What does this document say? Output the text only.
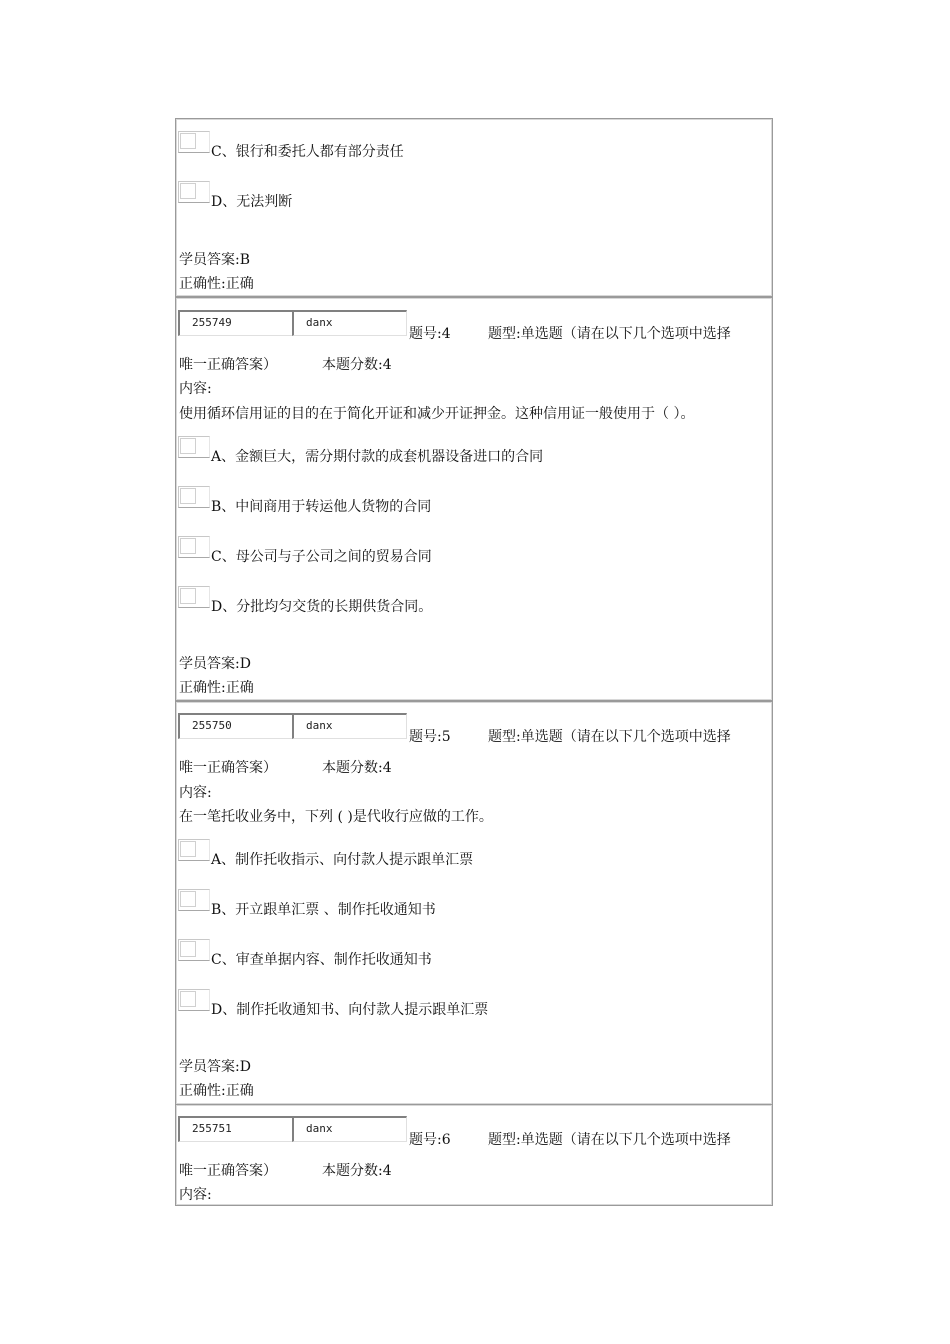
C、银行和委托人都有部分责任
D、无法判断
学员答案:B
正确性:正确
255749	danx
题号:4	题型:单选题（请在以下几个选项中选择
唯一正确答案）	本题分数:4
内容:
使用循环信用证的目的在于简化开证和减少开证押金。这种信用证一般使用于（ ）。
A、金额巨大，需分期付款的成套机器设备进口的合同
B、中间商用于转运他人货物的合同
C、母公司与子公司之间的贸易合同
D、分批均匀交货的长期供货合同。
学员答案:D
正确性:正确
255750	danx
题号:5	题型:单选题（请在以下几个选项中选择
唯一正确答案）	本题分数:4
内容:
在一笔托收业务中，下列 ( )是代收行应做的工作。
A、制作托收指示、向付款人提示跟单汇票
B、开立跟单汇票 、制作托收通知书
C、审查单据内容、制作托收通知书
D、制作托收通知书、向付款人提示跟单汇票
学员答案:D
正确性:正确
255751	danx
题号:6	题型:单选题（请在以下几个选项中选择
唯一正确答案）	本题分数:4
内容:
